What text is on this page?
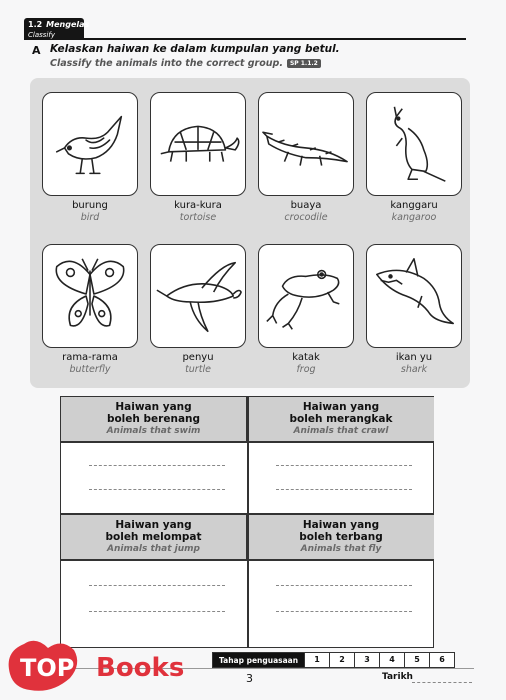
1.2 Mengelas
Classify
A Kelaskan haiwan ke dalam kumpulan yang betul.
Classify the animals into the correct group. SP 1.1.2
burung
bird
kura-kura
tortoise
buaya
crocodile
kanggaru
kangaroo
rama-rama
butterfly
penyu
turtle
katak
frog
ikan yu
shark
Haiwan yang
boleh berenang
Animals that swim
Haiwan yang
boleh merangkak
Animals that crawl
Haiwan yang
boleh melompat
Animals that jump
Haiwan yang
boleh terbang
Animals that fly
Tahap penguasaan	1	2	3	4	5	6
3	Tarikh
TOP Books
